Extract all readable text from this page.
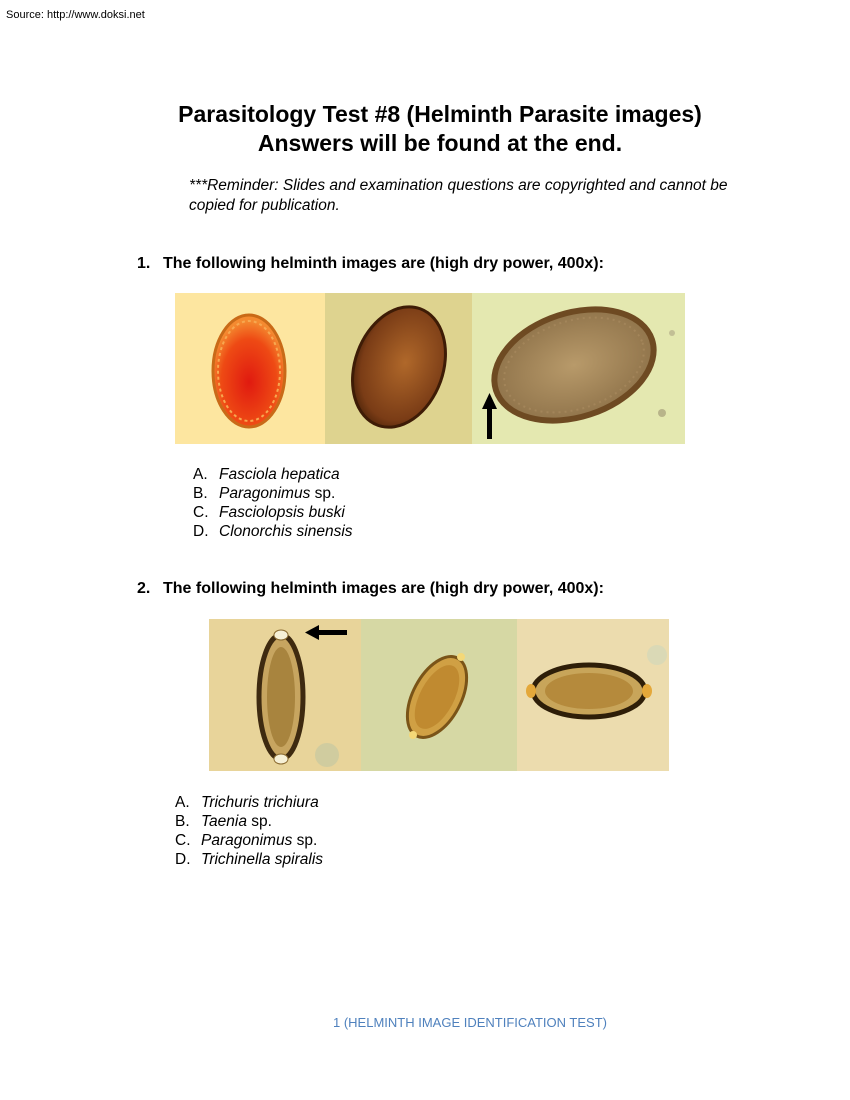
Source: http://www.doksi.net
Parasitology Test #8 (Helminth Parasite images)
Answers will be found at the end.
***Reminder: Slides and examination questions are copyrighted and cannot be copied for publication.
1. The following helminth images are (high dry power, 400x):
A. Fasciola hepatica
B. Paragonimus sp.
C. Fasciolopsis buski
D. Clonorchis sinensis
2. The following helminth images are (high dry power, 400x):
A. Trichuris trichiura
B. Taenia sp.
C. Paragonimus sp.
D. Trichinella spiralis
1 (HELMINTH IMAGE IDENTIFICATION TEST)
